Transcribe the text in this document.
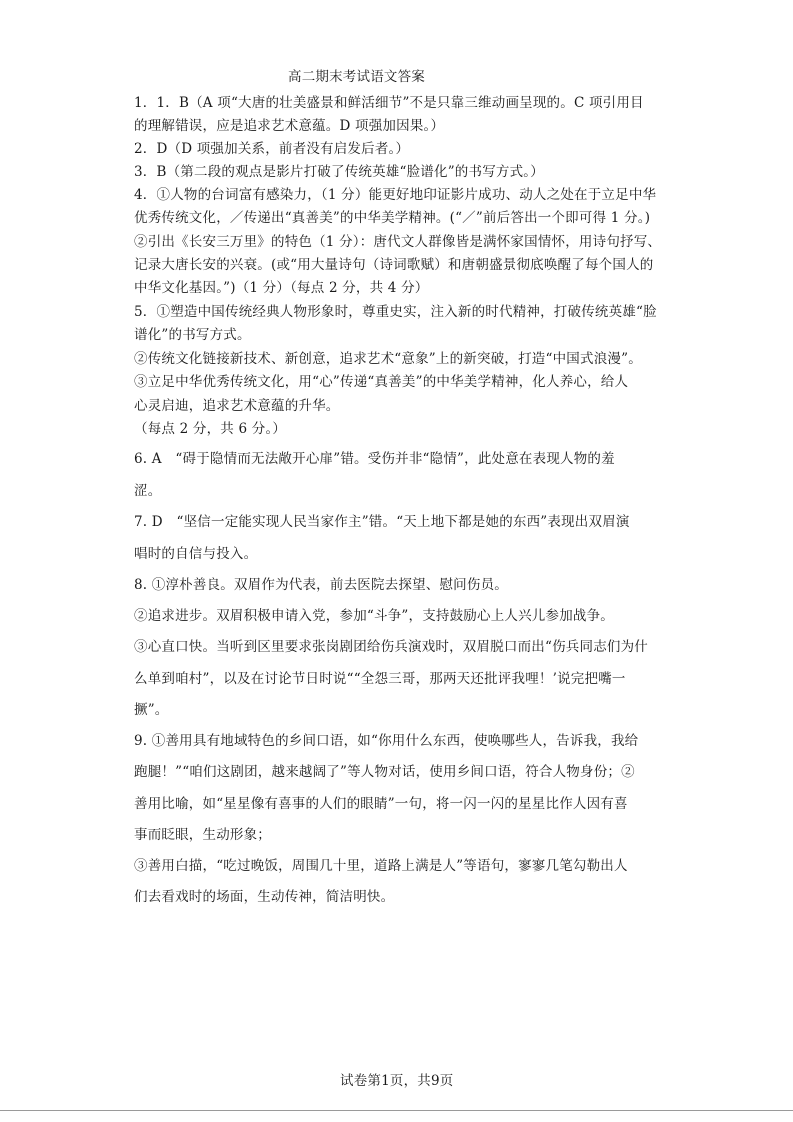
高二期末考试语文答案
1．1．B（A 项“大唐的壮美盛景和鲜活细节”不是只靠三维动画呈现的。C 项引用目
的理解错误，应是追求艺术意蕴。D 项强加因果。）
2．D（D 项强加关系，前者没有启发后者。）
3．B（第二段的观点是影片打破了传统英雄“脸谱化”的书写方式。）
4．①人物的台词富有感染力，（1 分）能更好地印证影片成功、动人之处在于立足中华
优秀传统文化，／传递出“真善美”的中华美学精神。(“／”前后答出一个即可得 1 分。)
②引出《长安三万里》的特色（1 分）：唐代文人群像皆是满怀家国情怀，用诗句抒写、
记录大唐长安的兴衰。(或“用大量诗句（诗词歌赋）和唐朝盛景彻底唤醒了每个国人的
中华文化基因。”)（1 分）（每点 2 分，共 4 分）
5．①塑造中国传统经典人物形象时，尊重史实，注入新的时代精神，打破传统英雄“脸
谱化”的书写方式。
②传统文化链接新技术、新创意，追求艺术“意象”上的新突破，打造“中国式浪漫”。
③立足中华优秀传统文化，用“心”传递“真善美”的中华美学精神，化人养心，给人
心灵启迪，追求艺术意蕴的升华。
（每点 2 分，共 6 分。）
6. A　“碍于隐情而无法敞开心扉”错。受伤并非“隐情”，此处意在表现人物的羞
涩。
7. D　“坚信一定能实现人民当家作主”错。“天上地下都是她的东西”表现出双眉演
唱时的自信与投入。
8. ①淳朴善良。双眉作为代表，前去医院去探望、慰问伤员。
②追求进步。双眉积极申请入党，参加“斗争”，支持鼓励心上人兴儿参加战争。
③心直口快。当听到区里要求张岗剧团给伤兵演戏时，双眉脱口而出“伤兵同志们为什
么单到咱村”，以及在讨论节日时说““全怨三哥，那两天还批评我哩！’说完把嘴一
撅”。
9. ①善用具有地域特色的乡间口语，如“你用什么东西，使唤哪些人，告诉我，我给
跑腿！”“咱们这剧团，越来越阔了”等人物对话，使用乡间口语，符合人物身份；②
善用比喻，如“星星像有喜事的人们的眼睛”一句，将一闪一闪的星星比作人因有喜
事而眨眼，生动形象；
③善用白描，“吃过晚饭，周围几十里，道路上满是人”等语句，寥寥几笔勾勒出人
们去看戏时的场面，生动传神，简洁明快。
试卷第1页，共9页
